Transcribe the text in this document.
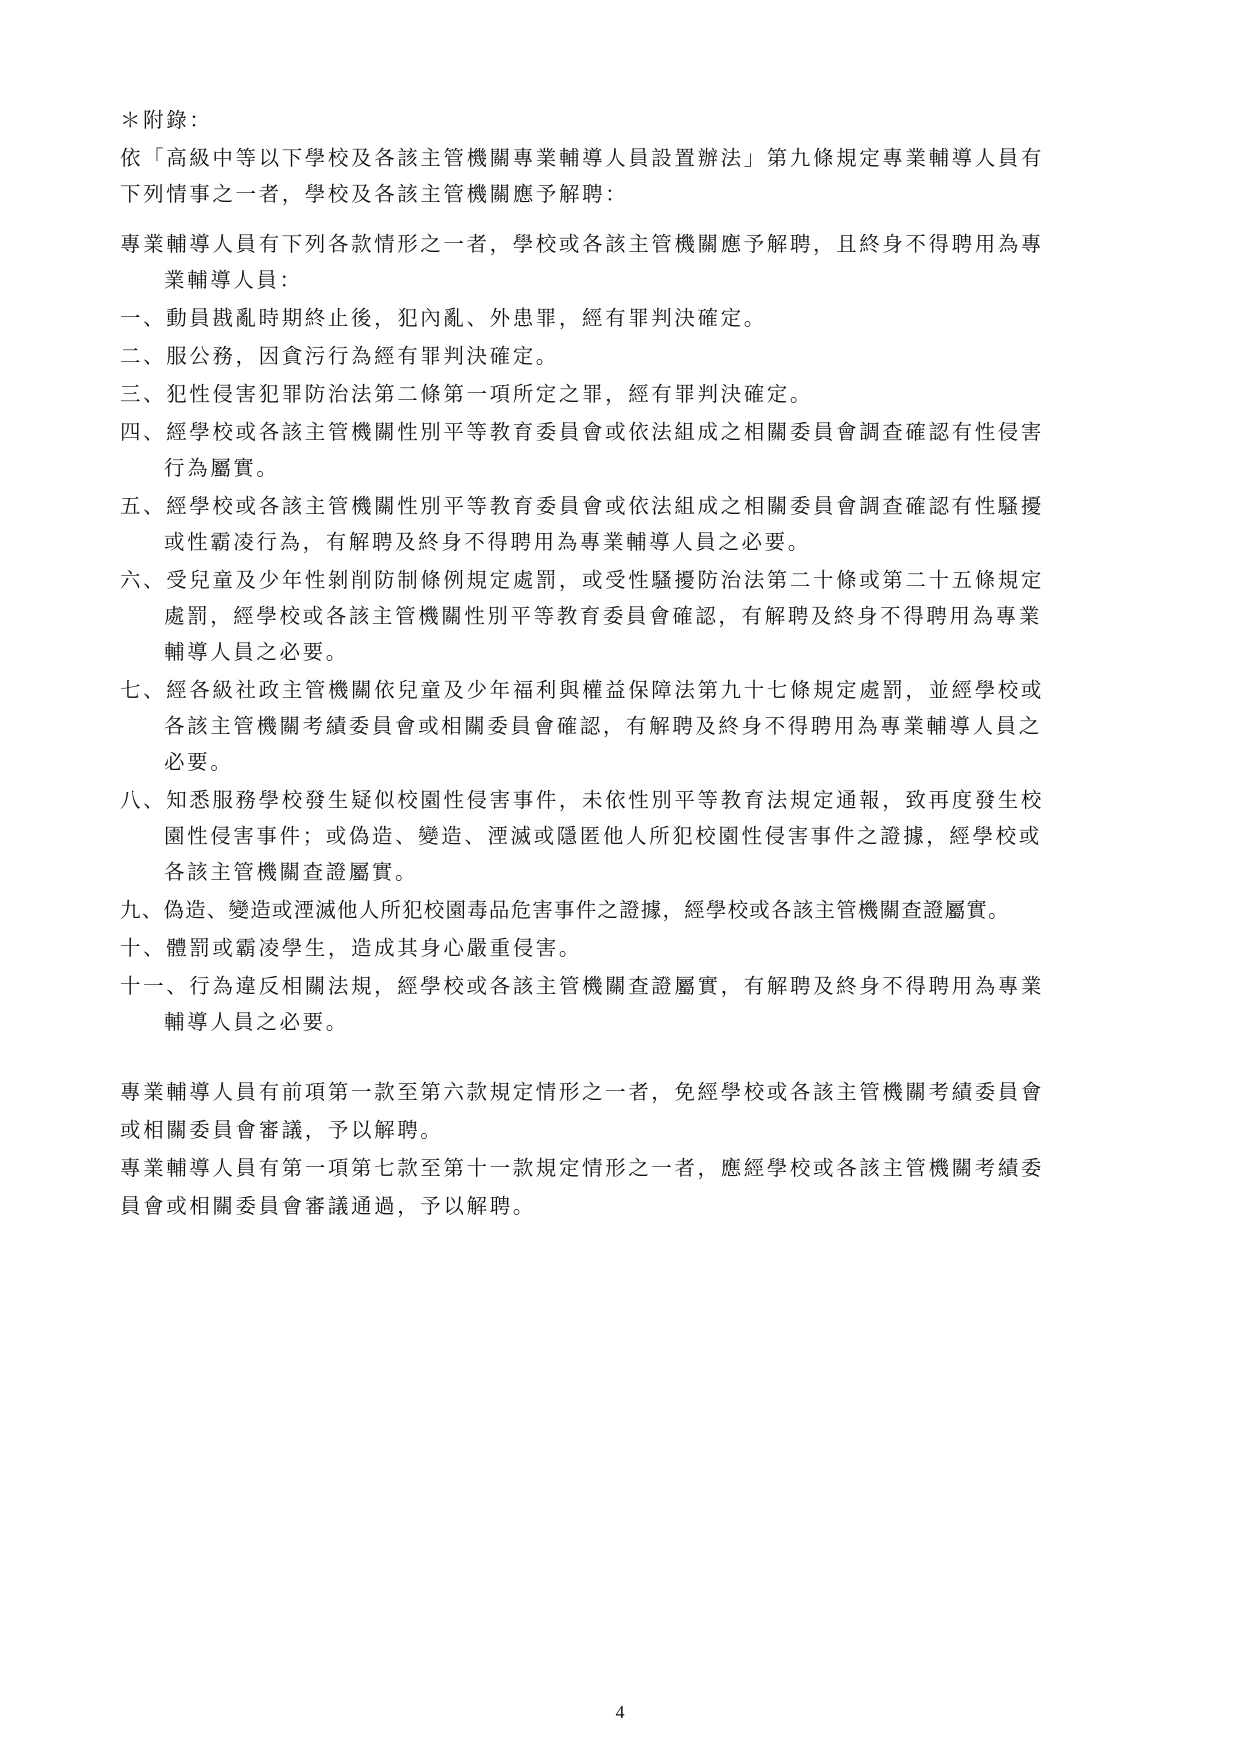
＊附錄：

依「高級中等以下學校及各該主管機關專業輔導人員設置辦法」第九條規定專業輔導人員有

下列情事之一者，學校及各該主管機關應予解聘：

專業輔導人員有下列各款情形之一者，學校或各該主管機關應予解聘，且終身不得聘用為專

業輔導人員：

一、動員戡亂時期終止後，犯內亂、外患罪，經有罪判決確定。

二、服公務，因貪污行為經有罪判決確定。

三、犯性侵害犯罪防治法第二條第一項所定之罪，經有罪判決確定。

四、經學校或各該主管機關性別平等教育委員會或依法組成之相關委員會調查確認有性侵害

行為屬實。

五、經學校或各該主管機關性別平等教育委員會或依法組成之相關委員會調查確認有性騷擾

或性霸凌行為，有解聘及終身不得聘用為專業輔導人員之必要。

六、受兒童及少年性剝削防制條例規定處罰，或受性騷擾防治法第二十條或第二十五條規定

處罰，經學校或各該主管機關性別平等教育委員會確認，有解聘及終身不得聘用為專業

輔導人員之必要。

七、經各級社政主管機關依兒童及少年福利與權益保障法第九十七條規定處罰，並經學校或

各該主管機關考績委員會或相關委員會確認，有解聘及終身不得聘用為專業輔導人員之

必要。

八、知悉服務學校發生疑似校園性侵害事件，未依性別平等教育法規定通報，致再度發生校

園性侵害事件；或偽造、變造、湮滅或隱匿他人所犯校園性侵害事件之證據，經學校或

各該主管機關查證屬實。

九、偽造、變造或湮滅他人所犯校園毒品危害事件之證據，經學校或各該主管機關查證屬實。

十、體罰或霸凌學生，造成其身心嚴重侵害。

十一、行為違反相關法規，經學校或各該主管機關查證屬實，有解聘及終身不得聘用為專業

輔導人員之必要。

專業輔導人員有前項第一款至第六款規定情形之一者，免經學校或各該主管機關考績委員會

或相關委員會審議，予以解聘。

專業輔導人員有第一項第七款至第十一款規定情形之一者，應經學校或各該主管機關考績委

員會或相關委員會審議通過，予以解聘。

4
